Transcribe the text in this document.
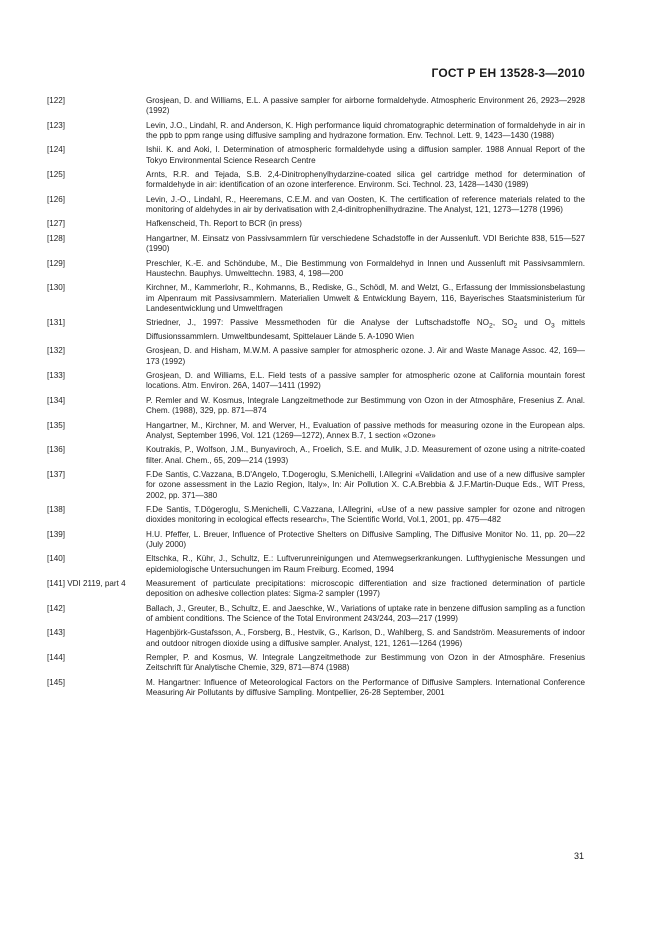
ГОСТ Р ЕН 13528-3—2010
[122]	Grosjean, D. and Williams, E.L. A passive sampler for airborne formaldehyde. Atmospheric Environment 26, 2923—2928 (1992)
[123]	Levin, J.O., Lindahl, R. and Anderson, K. High performance liquid chromatographic determination of formaldehyde in air in the ppb to ppm range using diffusive sampling and hydrazone formation. Env. Technol. Lett. 9, 1423—1430 (1988)
[124]	Ishii. K. and Aoki, I. Determination of atmospheric formaldehyde using a diffusion sampler. 1988 Annual Report of the Tokyo Environmental Science Research Centre
[125]	Arnts, R.R. and Tejada, S.B. 2,4-Dinitrophenylhydarzine-coated silica gel cartridge method for determination of formaldehyde in air: identification of an ozone interference. Environm. Sci. Technol. 23, 1428—1430 (1989)
[126]	Levin, J.-O., Lindahl, R., Heeremans, C.E.M. and van Oosten, K. The certification of reference materials related to the monitoring of aldehydes in air by derivatisation with 2,4-dinitrophenilhydrazine. The Analyst, 121, 1273—1278 (1996)
[127]	Hafkenscheid, Th. Report to BCR (in press)
[128]	Hangartner, M. Einsatz von Passivsammlern für verschiedene Schadstoffe in der Aussenluft. VDI Berichte 838, 515—527 (1990)
[129]	Preschler, K.-E. and Schöndube, M., Die Bestimmung von Formaldehyd in Innen und Aussenluft mit Passivsammlern. Haustechn. Bauphys. Umwelttechn. 1983, 4, 198—200
[130]	Kirchner, M., Kammerlohr, R., Kohmanns, B., Rediske, G., Schödl, M. and Welzt, G., Erfassung der Immissionsbelastung im Alpenraum mit Passivsammlern. Materialien Umwelt & Entwicklung Bayern, 116, Bayerisches Staatsministerium für Landesentwicklung und Umweltfragen
[131]	Striedner, J., 1997: Passive Messmethoden für die Analyse der Luftschadstoffe $NO_2$, $SO_2$ und $O_3$ mittels Diffusionssammlern. Umweltbundesamt, Spittelauer Lände 5. A-1090 Wien
[132]	Grosjean, D. and Hisham, M.W.M. A passive sampler for atmospheric ozone. J. Air and Waste Manage Assoc. 42, 169—173 (1992)
[133]	Grosjean, D. and Williams, E.L. Field tests of a passive sampler for atmospheric ozone at California mountain forest locations. Atm. Environ. 26A, 1407—1411 (1992)
[134]	P. Remler and W. Kosmus, Integrale Langzeitmethode zur Bestimmung von Ozon in der Atmosphäre, Fresenius Z. Anal. Chem. (1988), 329, pp. 871—874
[135]	Hangartner, M., Kirchner, M. and Werver, H., Evaluation of passive methods for measuring ozone in the European alps. Analyst, September 1996, Vol. 121 (1269—1272), Annex B.7, 1 section «Ozone»
[136]	Koutrakis, P., Wolfson, J.M., Bunyaviroch, A., Froelich, S.E. and Mulik, J.D. Measurement of ozone using a nitrite-coated filter. Anal. Chem., 65, 209—214 (1993)
[137]	F.De Santis, C.Vazzana, B.D'Angelo, T.Dogeroglu, S.Menichelli, I.Allegrini «Validation and use of a new diffusive sampler for ozone assessment in the Lazio Region, Italy», In: Air Pollution X. C.A.Brebbia & J.F.Martin-Duque Eds., WIT Press, 2002, pp. 371—380
[138]	F.De Santis, T.Dögeroglu, S.Menichelli, C.Vazzana, I.Allegrini, «Use of a new passive sampler for ozone and nitrogen dioxides monitoring in ecological effects research», The Scientific World, Vol.1, 2001, pp. 475—482
[139]	H.U. Pfeffer, L. Breuer, Influence of Protective Shelters on Diffusive Sampling, The Diffusive Monitor No. 11, pp. 20—22 (July 2000)
[140]	Eltschka, R., Kühr, J., Schultz, E.: Luftverunreinigungen und Atemwegserkrankungen. Lufthygienische Messungen und epidemiologische Untersuchungen im Raum Freiburg. Ecomed, 1994
[141] VDI 2119, part 4	Measurement of particulate precipitations: microscopic differentiation and size fractioned determination of particle deposition on adhesive collection plates: Sigma-2 sampler (1997)
[142]	Ballach, J., Greuter, B., Schultz, E. and Jaeschke, W., Variations of uptake rate in benzene diffusion sampling as a function of ambient conditions. The Science of the Total Environment 243/244, 203—217 (1999)
[143]	Hagenbjörk-Gustafsson, A., Forsberg, B., Hestvik, G., Karlson, D., Wahlberg, S. and Sandström. Measurements of indoor and outdoor nitrogen dioxide using a diffusive sampler. Analyst, 121, 1261—1264 (1996)
[144]	Rempler, P. and Kosmus, W. Integrale Langzeitmethode zur Bestimmung von Ozon in der Atmosphäre. Fresenius Zeitschrift für Analytische Chemie, 329, 871—874 (1988)
[145]	M. Hangartner: Influence of Meteorological Factors on the Performance of Diffusive Samplers. International Conference Measuring Air Pollutants by diffusive Sampling. Montpellier, 26-28 September, 2001
31
